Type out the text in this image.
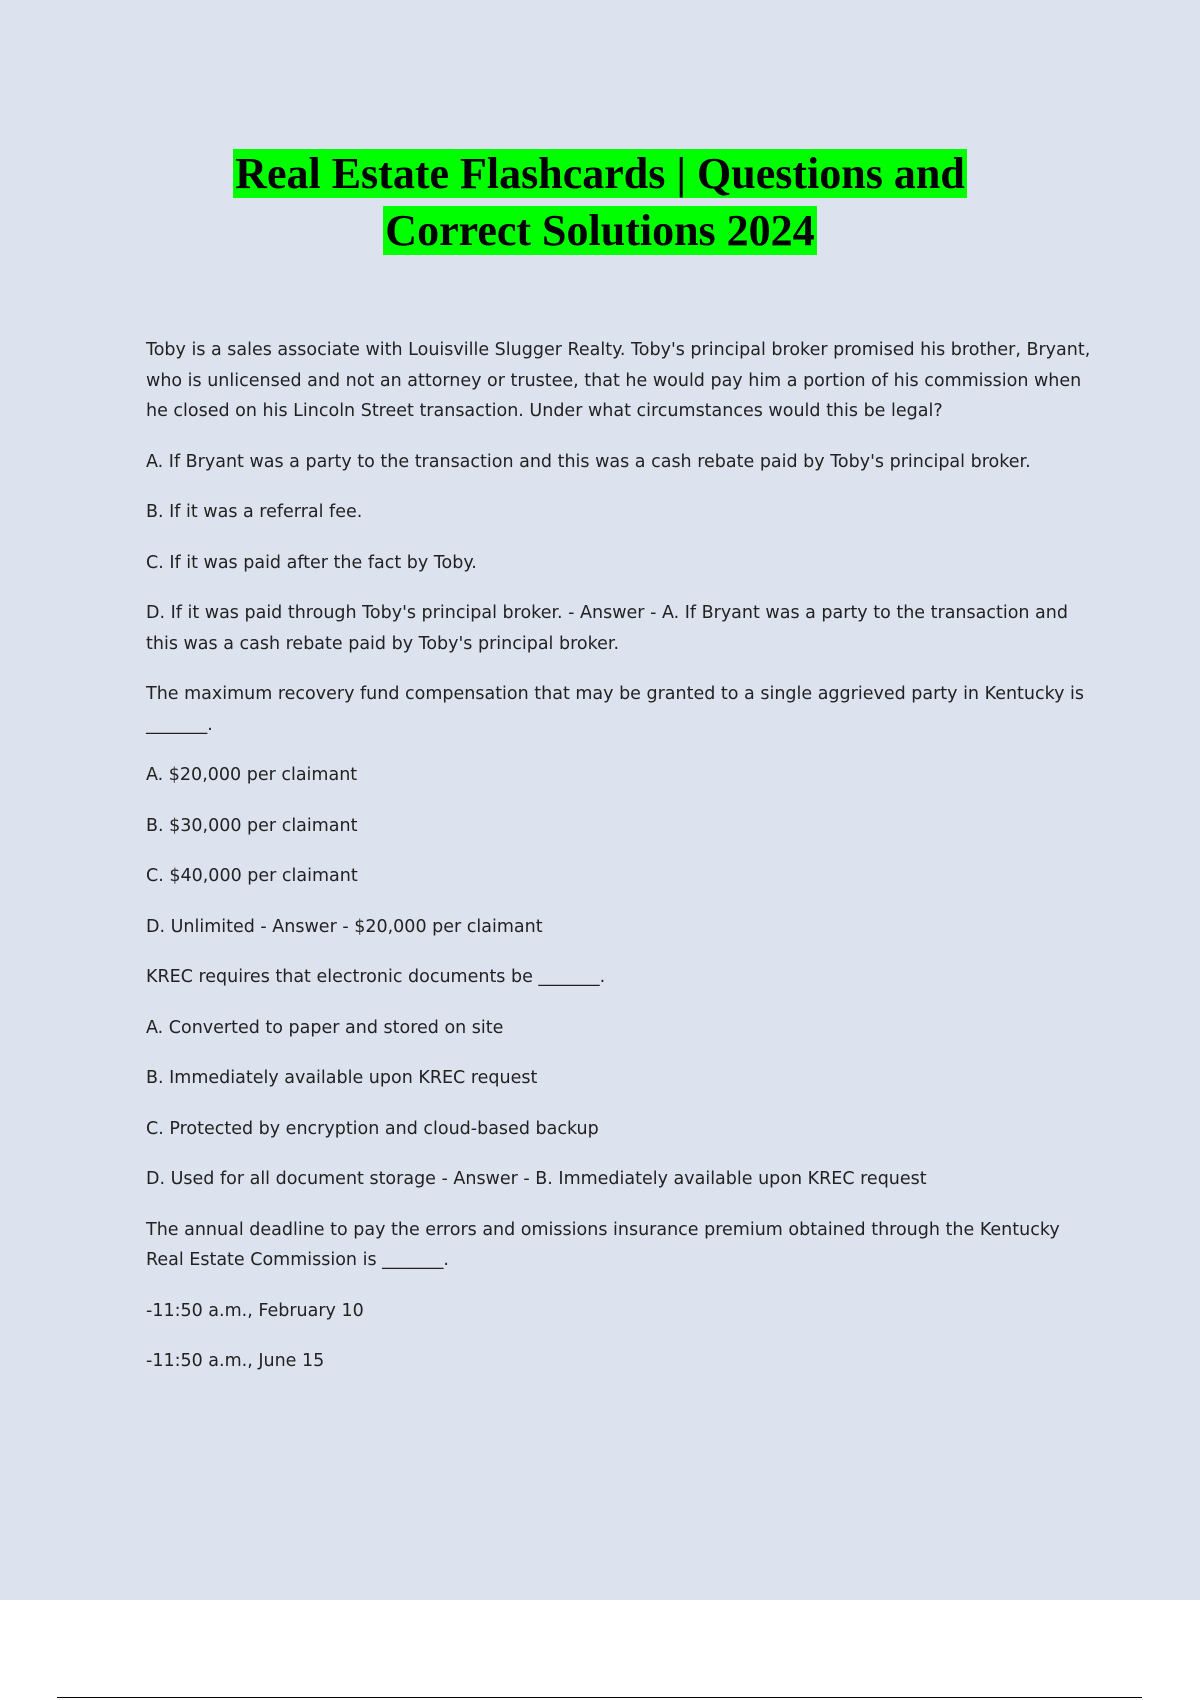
Real Estate Flashcards | Questions and
Correct Solutions 2024

Toby is a sales associate with Louisville Slugger Realty. Toby's principal broker promised his brother, Bryant, who is unlicensed and not an attorney or trustee, that he would pay him a portion of his commission when he closed on his Lincoln Street transaction. Under what circumstances would this be legal?

A. If Bryant was a party to the transaction and this was a cash rebate paid by Toby's principal broker.

B. If it was a referral fee.

C. If it was paid after the fact by Toby.

D. If it was paid through Toby's principal broker. - Answer - A. If Bryant was a party to the transaction and this was a cash rebate paid by Toby's principal broker.

The maximum recovery fund compensation that may be granted to a single aggrieved party in Kentucky is _______.

A. $20,000 per claimant

B. $30,000 per claimant

C. $40,000 per claimant

D. Unlimited - Answer - $20,000 per claimant

KREC requires that electronic documents be _______.

A. Converted to paper and stored on site

B. Immediately available upon KREC request

C. Protected by encryption and cloud-based backup

D. Used for all document storage - Answer - B. Immediately available upon KREC request

The annual deadline to pay the errors and omissions insurance premium obtained through the Kentucky Real Estate Commission is _______.

-11:50 a.m., February 10

-11:50 a.m., June 15
